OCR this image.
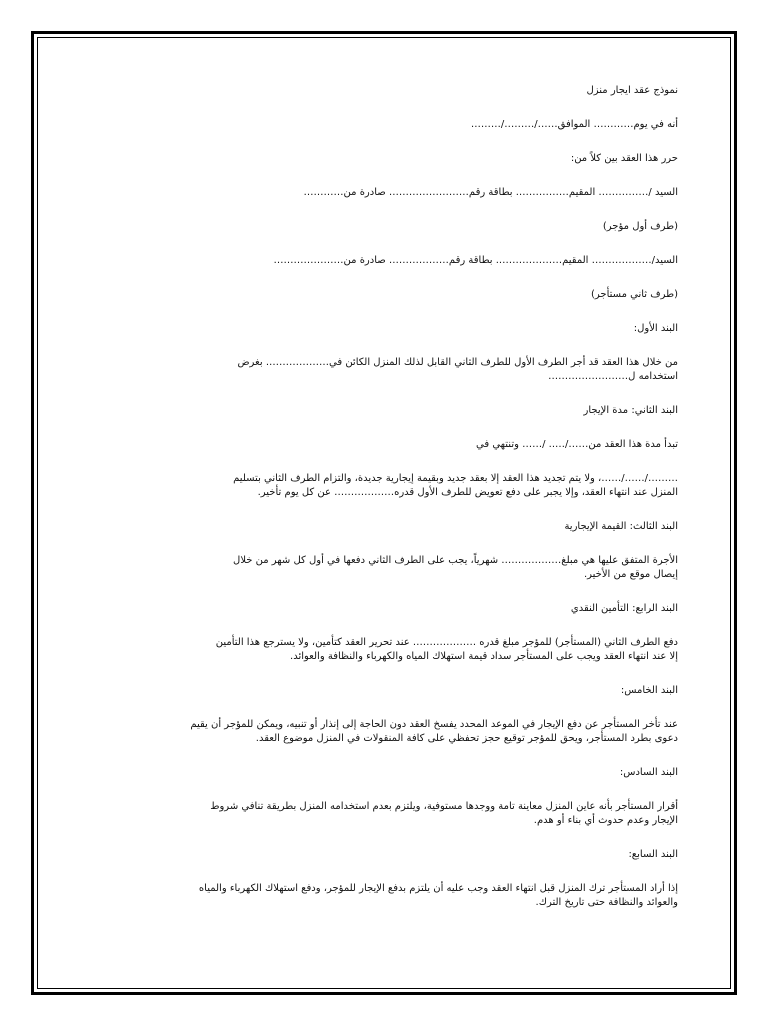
نموذج عقد ايجار منزل

أنه في يوم………… الموافق……/………/………

حرر هذا العقد بين كلاً من:

السيد /…………… المقيم……………. بطاقة رقم…………………… صادرة من…………

(طرف أول مؤجر)

السيد/……………… المقيم……………….. بطاقة رقم……………… صادرة من…………………

(طرف ثاني مستأجر)

البند الأول:

من خلال هذا العقد قد أجر الطرف الأول للطرف الثاني القابل لذلك المنزل الكائن في………………. بغرض

استخدامه ل……………………

البند الثاني: مدة الإيجار

تبدأ مدة هذا العقد من……/….. /…… وتنتهي في

………/……/……، ولا يتم تجديد هذا العقد إلا بعقد جديد وبقيمة إيجارية جديدة، والتزام الطرف الثاني بتسليم

المنزل عند انتهاء العقد، وإلا يجبر على دفع تعويض للطرف الأول قدره……………… عن كل يوم تأخير.

البند الثالث: القيمة الإيجارية

الأجرة المتفق عليها هي مبلغ……………… شهرياً، يجب على الطرف الثاني دفعها في أول كل شهر من خلال

إيصال موقع من الأخير.

البند الرابع: التأمين النقدي

دفع الطرف الثاني (المستأجر) للمؤجر مبلغ قدره ………………. عند تحرير العقد كتأمين، ولا يسترجع هذا التأمين

إلا عند انتهاء العقد ويجب على المستأجر سداد قيمة استهلاك المياه والكهرباء والنظافة والعوائد.

البند الخامس:

عند تأخر المستأجر عن دفع الإيجار في الموعد المحدد يفسخ العقد دون الحاجة إلى إنذار أو تنبيه، ويمكن للمؤجر أن يقيم

دعوى بطرد المستأجر، ويحق للمؤجر توقيع حجز تحفظي على كافة المنقولات في المنزل موضوع العقد.

البند السادس:

أقرار المستأجر بأنه عاين المنزل معاينة تامة ووجدها مستوفية، ويلتزم بعدم استخدامه المنزل بطريقة تنافي شروط

الإيجار وعدم حدوث أي بناء أو هدم.

البند السابع:

إذا أراد المستأجر ترك المنزل قبل انتهاء العقد وجب عليه أن يلتزم بدفع الإيجار للمؤجر، ودفع استهلاك الكهرباء والمياه

والعوائد والنظافة حتى تاريخ الترك.
